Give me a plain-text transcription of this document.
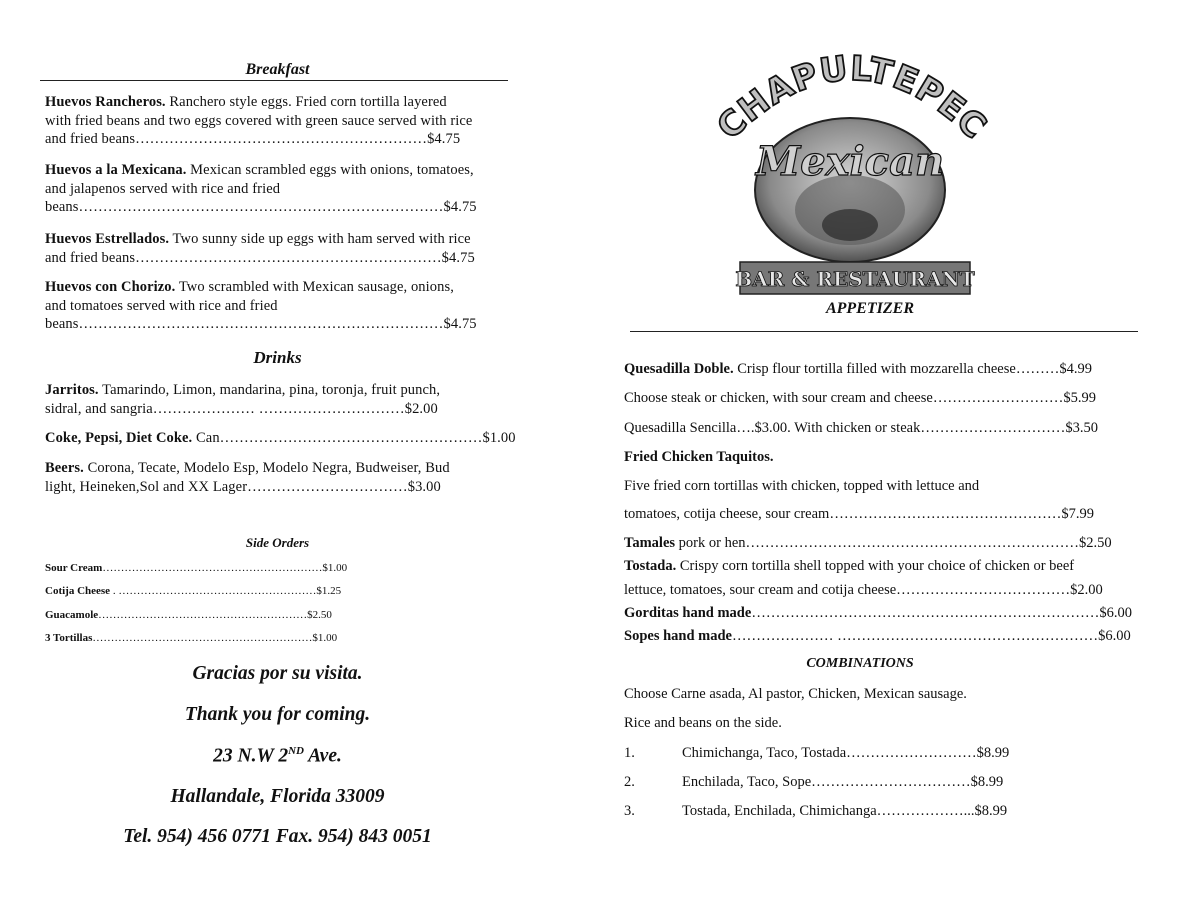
Breakfast
Huevos Rancheros. Ranchero style eggs. Fried corn tortilla layered
with fried beans and two eggs covered with green sauce served with rice
and fried beans……………………………………………………$4.75
Huevos a la Mexicana. Mexican scrambled eggs with onions, tomatoes,
and jalapenos served with rice and fried
beans…………………………………………………………………$4.75
Huevos Estrellados. Two sunny side up eggs with ham served with rice
and fried beans………………………………………………………$4.75
Huevos con Chorizo. Two scrambled with Mexican sausage, onions,
and tomatoes served with rice and fried
beans…………………………………………………………………$4.75
Drinks
Jarritos. Tamarindo, Limon, mandarina, pina, toronja, fruit punch,
sidral, and sangria………………… …………………………$2.00
Coke, Pepsi, Diet Coke. Can………………………………………………$1.00
Beers. Corona, Tecate, Modelo Esp, Modelo Negra, Budweiser, Bud
light, Heineken,Sol and XX Lager……………………………$3.00
Side Orders
Sour Cream……………………………………………………$1.00
Cotija Cheese . ………………………………………………$1.25
Guacamole…………………………………………………$2.50
3 Tortillas……………………………………………………$1.00
Gracias por su visita.
Thank you for coming.
23 N.W 2ND Ave.
Hallandale, Florida 33009
Tel. 954) 456 0771 Fax. 954) 843 0051
HAPULTEPEC
Mexican
BAR & RESTAURANT
APPETIZER
Quesadilla Doble. Crisp flour tortilla filled with mozzarella cheese………$4.99
Choose steak or chicken, with sour cream and cheese………………………$5.99
Quesadilla Sencilla….$3.00. With chicken or steak…………………………$3.50
Fried Chicken Taquitos.
Five fried corn tortillas with chicken, topped with lettuce and
tomatoes, cotija cheese, sour cream…………………………………………$7.99
Tamales pork or hen……………………………………………………………$2.50
Tostada. Crispy corn tortilla shell topped with your choice of chicken or beef
lettuce, tomatoes, sour cream and cotija cheese………………………………$2.00
Gorditas hand made………………………………………………………………$6.00
Sopes hand made………………… ………………………………………………$6.00
COMBINATIONS
Choose Carne asada, Al pastor, Chicken, Mexican sausage.
Rice and beans on the side.
1.	Chimichanga, Taco, Tostada………………………$8.99
2.	Enchilada, Taco, Sope……………………………$8.99
3.	Tostada, Enchilada, Chimichanga………………...$8.99
